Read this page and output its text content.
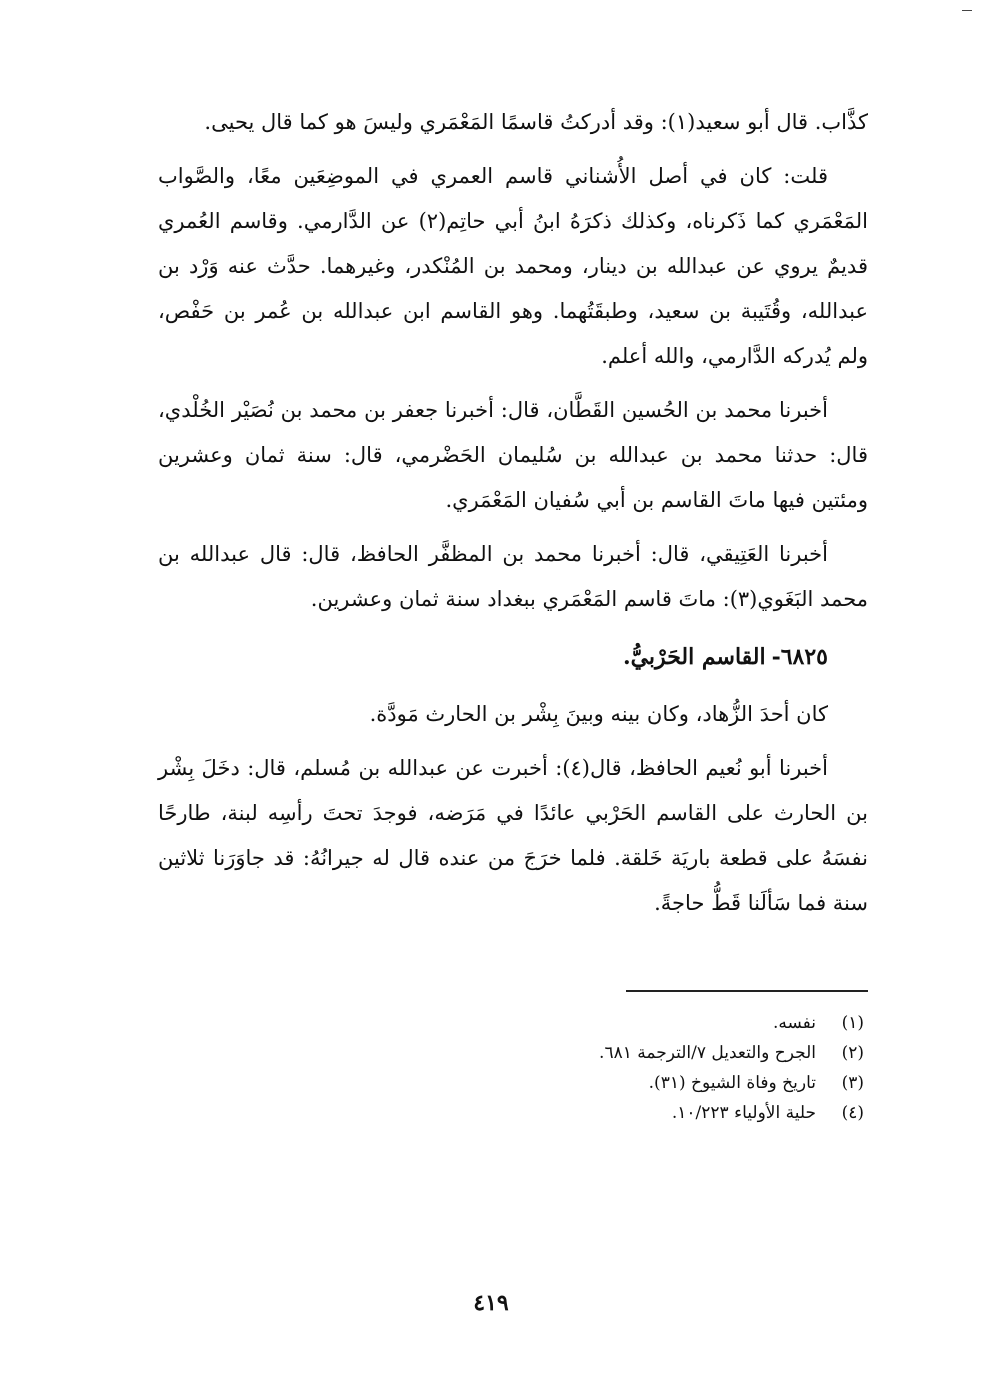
كذَّاب. قال أبو سعيد(١): وقد أدركتُ قاسمًا المَعْمَري وليسَ هو كما قال يحيى.

قلت: كان في أصل الأُشناني قاسم العمري في الموضِعَين معًا، والصَّواب المَعْمَري كما ذَكرناه، وكذلك ذكرَهُ ابنُ أبي حاتِم(٢) عن الدَّارمي. وقاسم العُمري قديمٌ يروي عن عبدالله بن دينار، ومحمد بن المُنْكدر، وغيرهما. حدَّث عنه وَرْد بن عبدالله، وقُتَيبة بن سعيد، وطبقَتُهما. وهو القاسم ابن عبدالله بن عُمر بن حَفْص، ولم يُدركه الدَّارمي، والله أعلم.

أخبرنا محمد بن الحُسين القَطَّان، قال: أخبرنا جعفر بن محمد بن نُصَيْر الخُلْدي، قال: حدثنا محمد بن عبدالله بن سُليمان الحَضْرمي، قال: سنة ثمان وعشرين ومئتين فيها ماتَ القاسم بن أبي سُفيان المَعْمَري.

أخبرنا العَتِيقي، قال: أخبرنا محمد بن المظفَّر الحافظ، قال: قال عبدالله بن محمد البَغَوي(٣): ماتَ قاسم المَعْمَري ببغداد سنة ثمان وعشرين.

٦٨٢٥-
القاسم الحَرْبيُّ.

كان أحدَ الزُّهاد، وكان بينه وبينَ بِشْر بن الحارث مَودَّة.

أخبرنا أبو نُعيم الحافظ، قال(٤): أخبرت عن عبدالله بن مُسلم، قال: دخَلَ بِشْر بن الحارث على القاسم الحَرْبي عائدًا في مَرَضه، فوجدَ تحتَ رأسِه لبنة، طارحًا نفسَهُ على قطعة باريَة خَلقة. فلما خرَجَ من عنده قال له جيرانُهُ: قد جاوَرَنا ثلاثين سنة فما سَألَنا قَطُّ حاجةً.

(١)
نفسه.
(٢)
الجرح والتعديل ٧/الترجمة ٦٨١.
(٣)
تاريخ وفاة الشيوخ (٣١).
(٤)
حلية الأولياء ١٠/٢٢٣.
٤١٩
